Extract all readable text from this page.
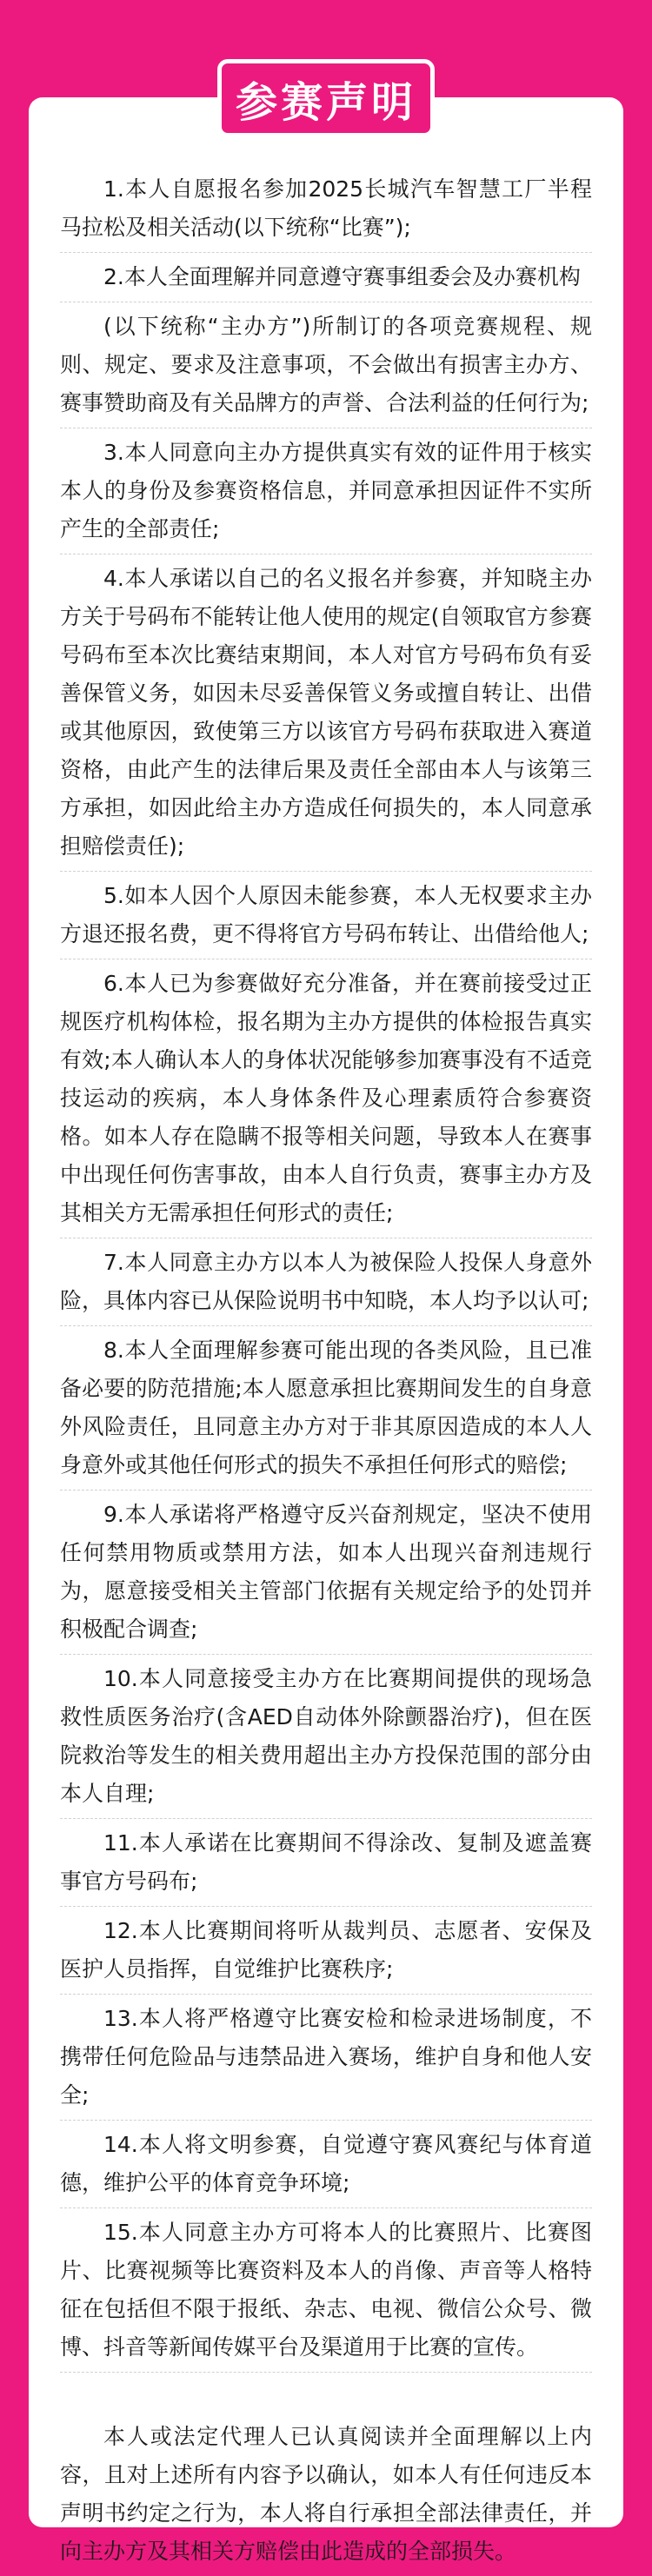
参赛声明

1.本人自愿报名参加2025长城汽车智慧工厂半程马拉松及相关活动(以下统称“比赛”);

2.本人全面理解并同意遵守赛事组委会及办赛机构

(以下统称“主办方”)所制订的各项竞赛规程、规则、规定、要求及注意事项，不会做出有损害主办方、赛事赞助商及有关品牌方的声誉、合法利益的任何行为;

3.本人同意向主办方提供真实有效的证件用于核实本人的身份及参赛资格信息，并同意承担因证件不实所产生的全部责任;

4.本人承诺以自己的名义报名并参赛，并知晓主办方关于号码布不能转让他人使用的规定(自领取官方参赛号码布至本次比赛结束期间，本人对官方号码布负有妥善保管义务，如因未尽妥善保管义务或擅自转让、出借或其他原因，致使第三方以该官方号码布获取进入赛道资格，由此产生的法律后果及责任全部由本人与该第三方承担，如因此给主办方造成任何损失的，本人同意承担赔偿责任);

5.如本人因个人原因未能参赛，本人无权要求主办方退还报名费，更不得将官方号码布转让、出借给他人;

6.本人已为参赛做好充分准备，并在赛前接受过正规医疗机构体检，报名期为主办方提供的体检报告真实有效;本人确认本人的身体状况能够参加赛事没有不适竞技运动的疾病，本人身体条件及心理素质符合参赛资格。如本人存在隐瞒不报等相关问题，导致本人在赛事中出现任何伤害事故，由本人自行负责，赛事主办方及其相关方无需承担任何形式的责任;

7.本人同意主办方以本人为被保险人投保人身意外险，具体内容已从保险说明书中知晓，本人均予以认可;

8.本人全面理解参赛可能出现的各类风险，且已准备必要的防范措施;本人愿意承担比赛期间发生的自身意外风险责任，且同意主办方对于非其原因造成的本人人身意外或其他任何形式的损失不承担任何形式的赔偿;

9.本人承诺将严格遵守反兴奋剂规定，坚决不使用任何禁用物质或禁用方法，如本人出现兴奋剂违规行为，愿意接受相关主管部门依据有关规定给予的处罚并积极配合调查;

10.本人同意接受主办方在比赛期间提供的现场急救性质医务治疗(含AED自动体外除颤器治疗)，但在医院救治等发生的相关费用超出主办方投保范围的部分由本人自理;

11.本人承诺在比赛期间不得涂改、复制及遮盖赛事官方号码布;

12.本人比赛期间将听从裁判员、志愿者、安保及医护人员指挥，自觉维护比赛秩序;

13.本人将严格遵守比赛安检和检录进场制度，不携带任何危险品与违禁品进入赛场，维护自身和他人安全;

14.本人将文明参赛，自觉遵守赛风赛纪与体育道德，维护公平的体育竞争环境;

15.本人同意主办方可将本人的比赛照片、比赛图片、比赛视频等比赛资料及本人的肖像、声音等人格特征在包括但不限于报纸、杂志、电视、微信公众号、微博、抖音等新闻传媒平台及渠道用于比赛的宣传。

本人或法定代理人已认真阅读并全面理解以上内容，且对上述所有内容予以确认，如本人有任何违反本声明书约定之行为，本人将自行承担全部法律责任，并向主办方及其相关方赔偿由此造成的全部损失。
